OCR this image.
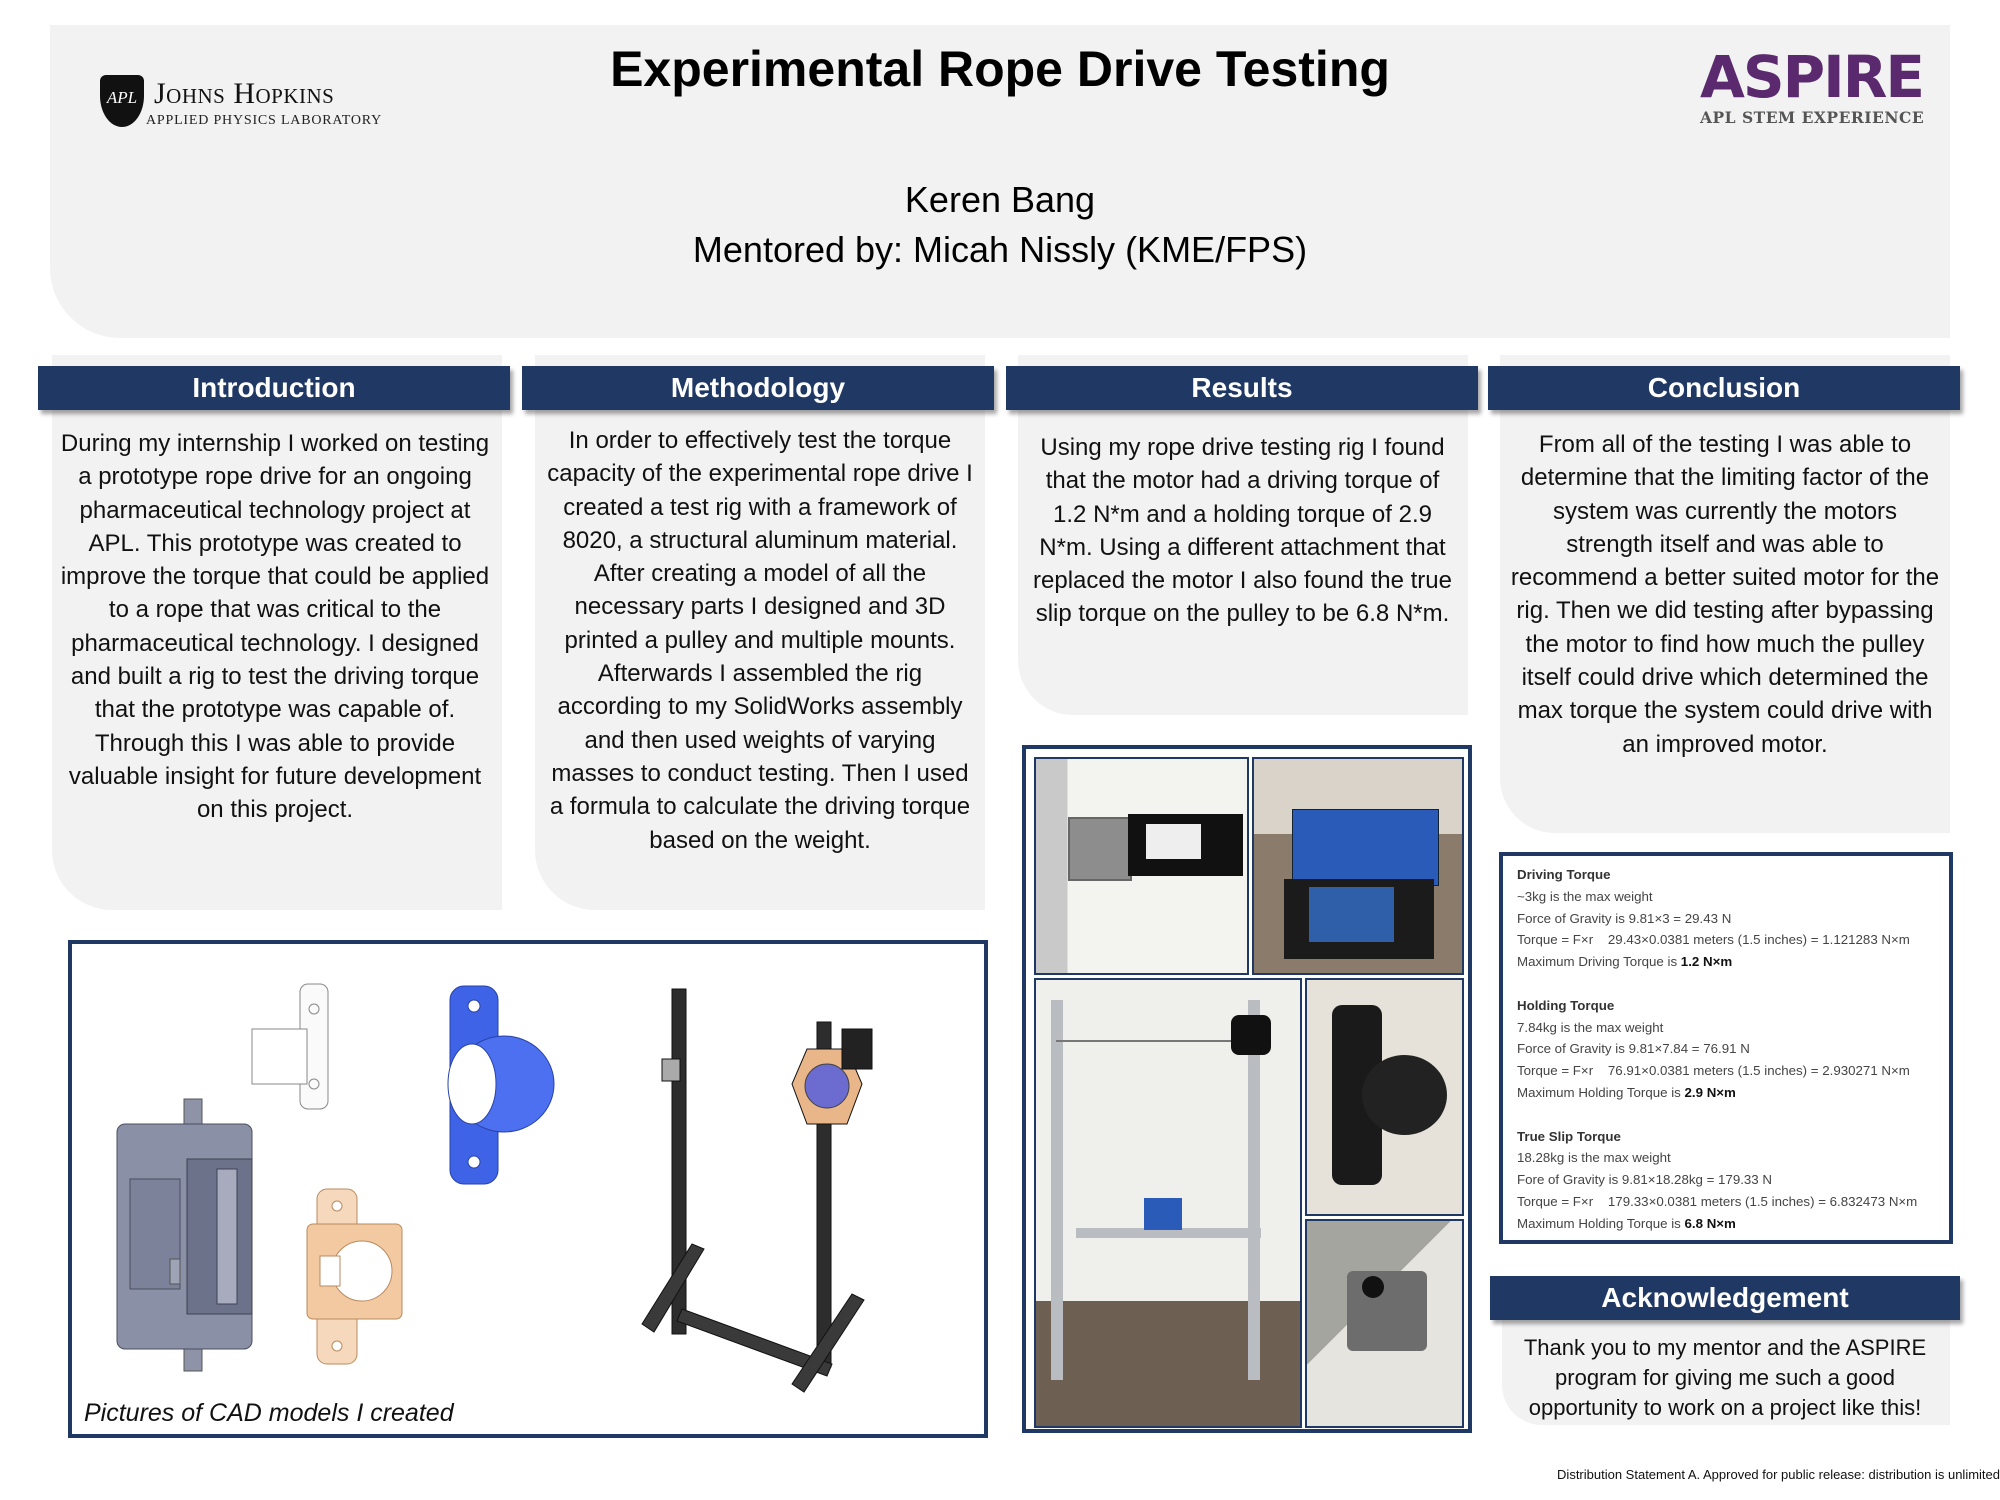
APL Johns Hopkins
APPLIED PHYSICS LABORATORY
Experimental Rope Drive Testing
Keren Bang
Mentored by: Micah Nissly (KME/FPS)
ASPIRE
APL STEM EXPERIENCE
Introduction	Methodology	Results	Conclusion
During my internship I worked on testing a prototype rope drive for an ongoing pharmaceutical technology project at APL. This prototype was created to improve the torque that could be applied to a rope that was critical to the pharmaceutical technology. I designed and built a rig to test the driving torque that the prototype was capable of. Through this I was able to provide valuable insight for future development on this project.
In order to effectively test the torque capacity of the experimental rope drive I created a test rig with a framework of 8020, a structural aluminum material. After creating a model of all the necessary parts I designed and 3D printed a pulley and multiple mounts. Afterwards I assembled the rig according to my SolidWorks assembly and then used weights of varying masses to conduct testing. Then I used a formula to calculate the driving torque based on the weight.
Using my rope drive testing rig I found that the motor had a driving torque of 1.2 N*m and a holding torque of 2.9 N*m. Using a different attachment that replaced the motor I also found the true slip torque on the pulley to be 6.8 N*m.
From all of the testing I was able to determine that the limiting factor of the system was currently the motors strength itself and was able to recommend a better suited motor for the rig. Then we did testing after bypassing the motor to find how much the pulley itself could drive which determined the max torque the system could drive with an improved motor.
Pictures of CAD models I created
Driving Torque
~3kg is the max weight
Force of Gravity is 9.81×3 = 29.43 N
Torque = F×r    29.43×0.0381 meters (1.5 inches) = 1.121283 N×m
Maximum Driving Torque is 1.2 N×m
Holding Torque
7.84kg is the max weight
Force of Gravity is 9.81×7.84 = 76.91 N
Torque = F×r    76.91×0.0381 meters (1.5 inches) = 2.930271 N×m
Maximum Holding Torque is 2.9 N×m
True Slip Torque
18.28kg is the max weight
Fore of Gravity is 9.81×18.28kg = 179.33 N
Torque = F×r    179.33×0.0381 meters (1.5 inches) = 6.832473 N×m
Maximum Holding Torque is 6.8 N×m
Acknowledgement
Thank you to my mentor and the ASPIRE program for giving me such a good opportunity to work on a project like this!
Distribution Statement A. Approved for public release: distribution is unlimited
